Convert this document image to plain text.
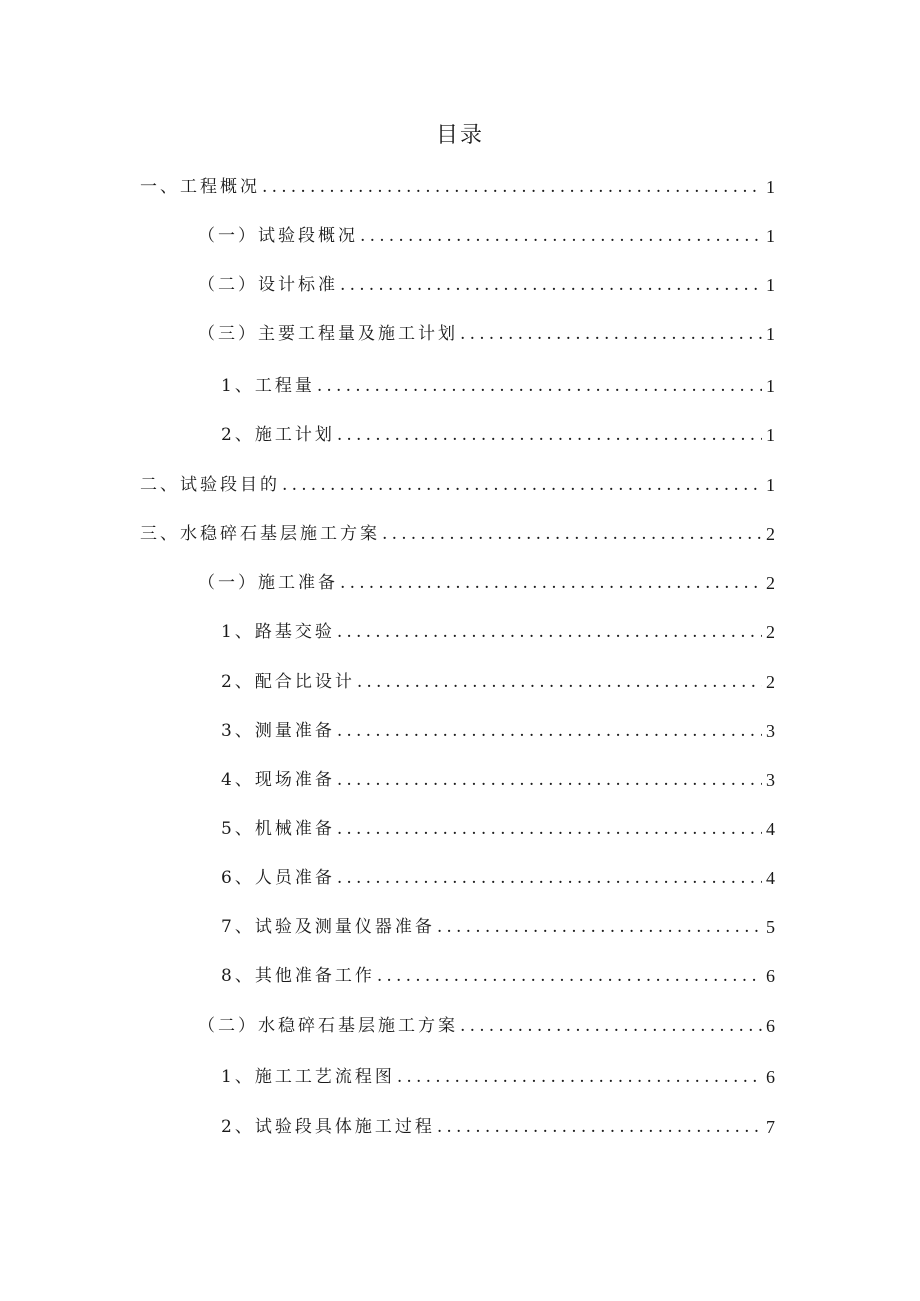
目录
一、工程概况 .....	1
（一）试验段概况 .....	1
（二）设计标准 .....	1
（三）主要工程量及施工计划 .....	1
1、工程量 .....	1
2、施工计划 .....	1
二、试验段目的 .....	1
三、水稳碎石基层施工方案 .....	2
（一）施工准备 .....	2
1、路基交验 .....	2
2、配合比设计 .....	2
3、测量准备 .....	3
4、现场准备 .....	3
5、机械准备 .....	4
6、人员准备 .....	4
7、试验及测量仪器准备 .....	5
8、其他准备工作 .....	6
（二）水稳碎石基层施工方案 .....	6
1、施工工艺流程图 .....	6
2、试验段具体施工过程 .....	7
